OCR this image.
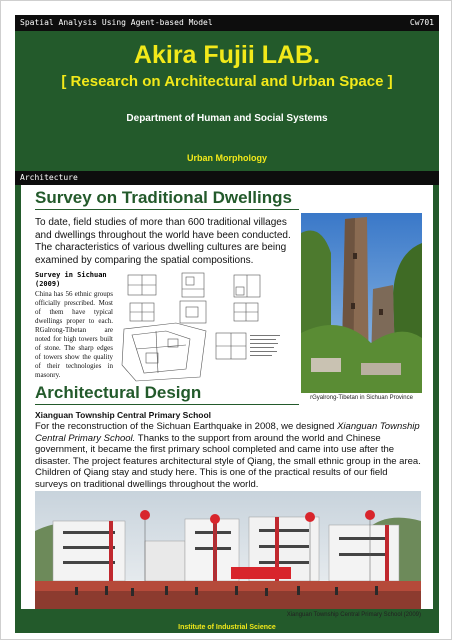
Spatial Analysis Using Agent-based Model	Cw701
Akira Fujii LAB.
[ Research on Architectural and Urban Space ]
Department of Human and Social Systems
Urban Morphology
Architecture
Survey on Traditional Dwellings
To date, field studies of more than 600 traditional villages and dwellings throughout the world have been conducted. The characteristics of various dwelling cultures are being examined by comparing the spatial compositions.
Survey in Sichuan
(2009)
China has 56 ethnic groups officially prescribed. Most of them have typical dwellings proper to each. RGalrong-Tibetan are noted for high towers built of stone. The sharp edges of towers show the quality of their technologies in masonry.
rGyalrong-Tibetan in Sichuan Province
Architectural Design
Xianguan Township Central Primary School
For the reconstruction of the Sichuan Earthquake in 2008, we designed Xianguan Township Central Primary School. Thanks to the support from around the world and Chinese government, it became the first primary school completed and came into use after the disaster. The project features architectural style of Qiang, the small ethnic group in the area. Children of Qiang stay and study here. This is one of the practical results of our field surveys on traditional dwellings throughout the world.
Xianguan Township Central Primary School (2009)
Institute of Industrial Science
